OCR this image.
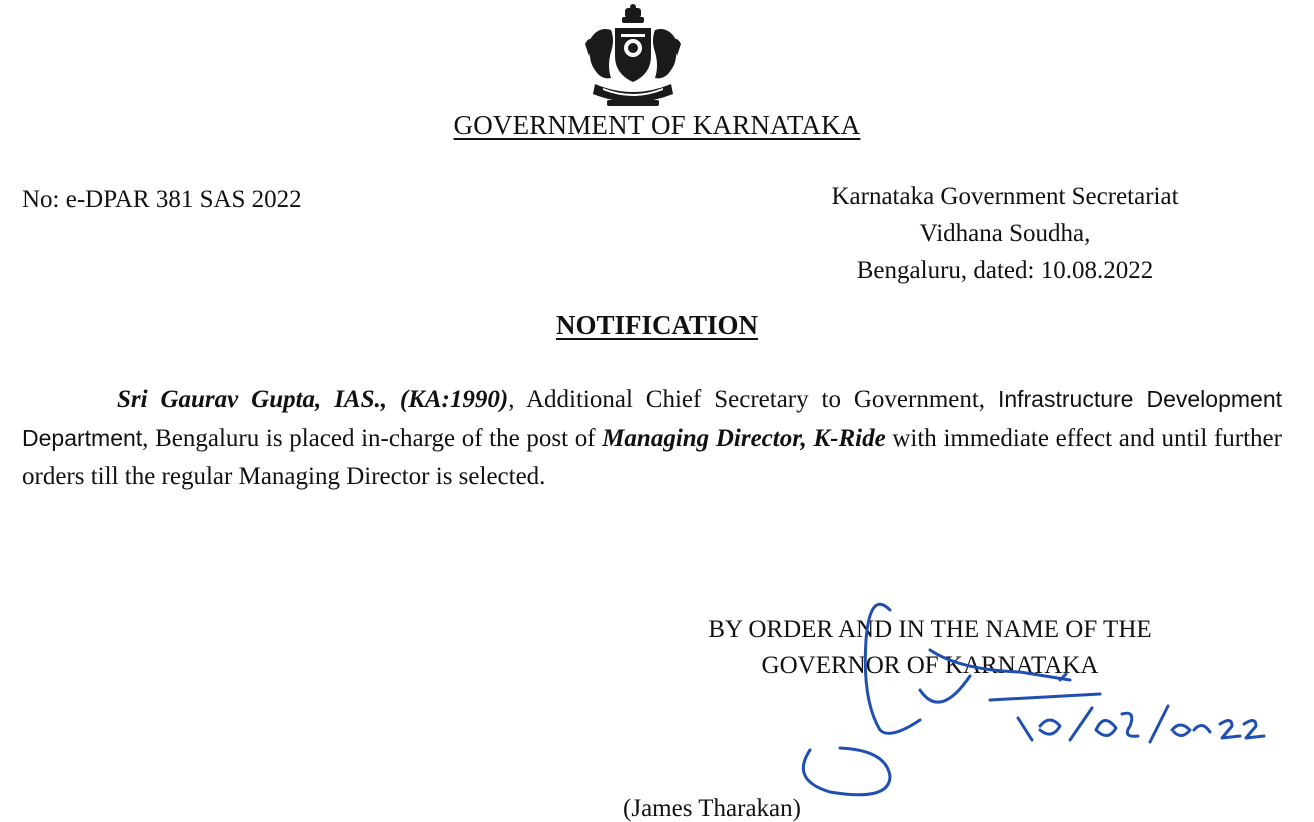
GOVERNMENT OF KARNATAKA
No: e-DPAR 381 SAS 2022	Karnataka Government Secretariat
Vidhana Soudha,
Bengaluru, dated: 10.08.2022
NOTIFICATION
Sri Gaurav Gupta, IAS., (KA:1990), Additional Chief Secretary to Government, Infrastructure Development Department, Bengaluru is placed in-charge of the post of Managing Director, K-Ride with immediate effect and until further orders till the regular Managing Director is selected.
BY ORDER AND IN THE NAME OF THE
GOVERNOR OF KARNATAKA
(James Tharakan)
